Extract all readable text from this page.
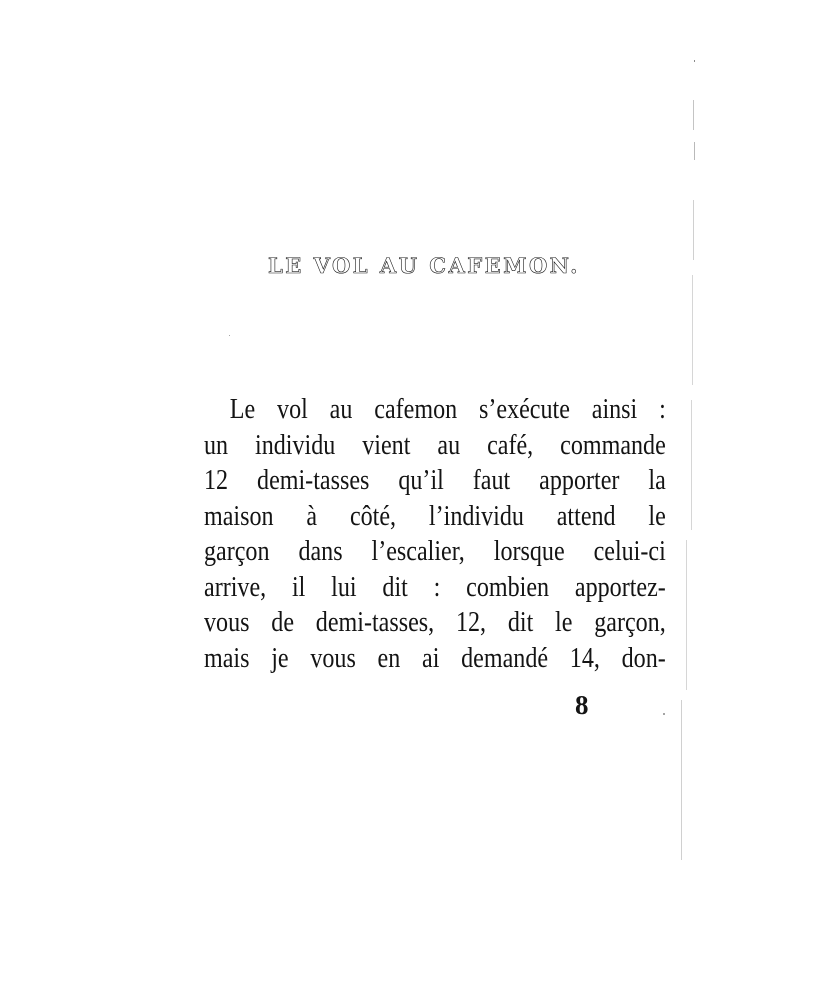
LE VOL AU CAFEMON.
Le vol au cafemon s’exécute ainsi :
un individu vient au café, commande
12 demi-tasses qu’il faut apporter la
maison à côté, l’individu attend le
garçon dans l’escalier, lorsque celui-ci
arrive, il lui dit : combien apportez-
vous de demi-tasses, 12, dit le garçon,
mais je vous en ai demandé 14, don-
8
